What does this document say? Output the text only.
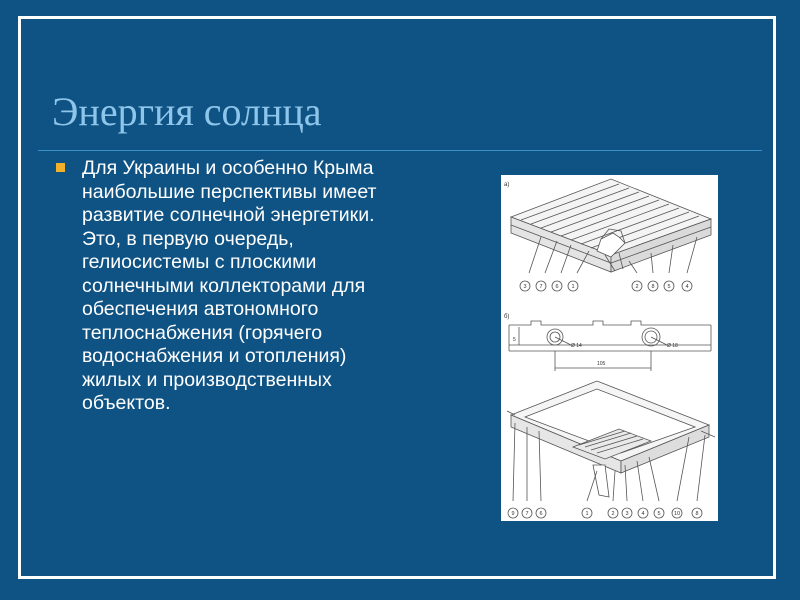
Энергия солнца
Для Украины и особенно Крыма наибольшие перспективы имеет развитие солнечной энергетики. Это, в первую очередь, гелиосистемы с плоскими солнечными коллекторами для обеспечения автономного теплоснабжения (горячего водоснабжения и отопления) жилых и производственных объектов.
а)
3 7 6 1	2 8 5	4
б)
5
Ø 14	Ø 18
105
9 7 6	1	2 3 4 5 10	8
